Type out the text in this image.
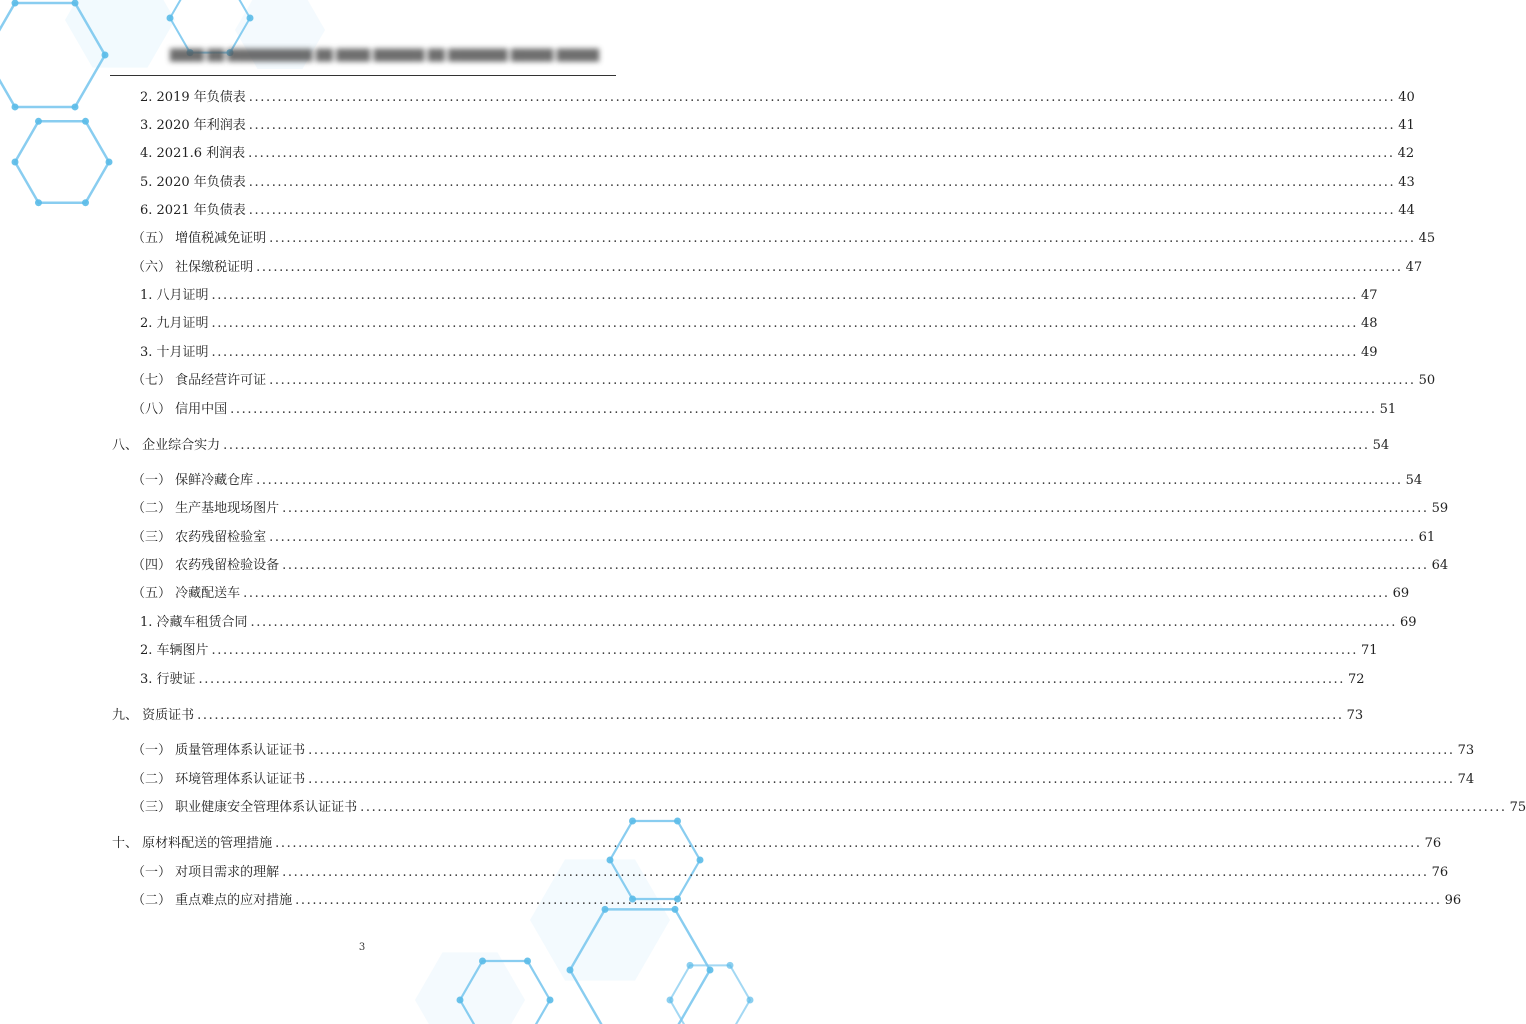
████ ██ ██████████ ██ ████ ██████ ██ ███████ █████ █████
2. 2019 年负债表 ........................................................................................................................................................................................................ 40
3. 2020 年利润表 ........................................................................................................................................................................................................ 41
4. 2021.6 利润表 ........................................................................................................................................................................................................ 42
5. 2020 年负债表 ........................................................................................................................................................................................................ 43
6. 2021 年负债表 ........................................................................................................................................................................................................ 44
（五） 增值税减免证明 ........................................................................................................................................................................................................ 45
（六） 社保缴税证明 ........................................................................................................................................................................................................ 47
1. 八月证明 ........................................................................................................................................................................................................ 47
2. 九月证明 ........................................................................................................................................................................................................ 48
3. 十月证明 ........................................................................................................................................................................................................ 49
（七） 食品经营许可证 ........................................................................................................................................................................................................ 50
（八） 信用中国 ........................................................................................................................................................................................................ 51
八、 企业综合实力 ........................................................................................................................................................................................................ 54
（一） 保鲜冷藏仓库 ........................................................................................................................................................................................................ 54
（二） 生产基地现场图片 ........................................................................................................................................................................................................ 59
（三） 农药残留检验室 ........................................................................................................................................................................................................ 61
（四） 农药残留检验设备 ........................................................................................................................................................................................................ 64
（五） 冷藏配送车 ........................................................................................................................................................................................................ 69
1. 冷藏车租赁合同 ........................................................................................................................................................................................................ 69
2. 车辆图片 ........................................................................................................................................................................................................ 71
3. 行驶证 ........................................................................................................................................................................................................ 72
九、 资质证书 ........................................................................................................................................................................................................ 73
（一） 质量管理体系认证证书 ........................................................................................................................................................................................................ 73
（二） 环境管理体系认证证书 ........................................................................................................................................................................................................ 74
（三） 职业健康安全管理体系认证证书 ........................................................................................................................................................................................................ 75
十、 原材料配送的管理措施 ........................................................................................................................................................................................................ 76
（一） 对项目需求的理解 ........................................................................................................................................................................................................ 76
（二） 重点难点的应对措施 ........................................................................................................................................................................................................ 96
3
